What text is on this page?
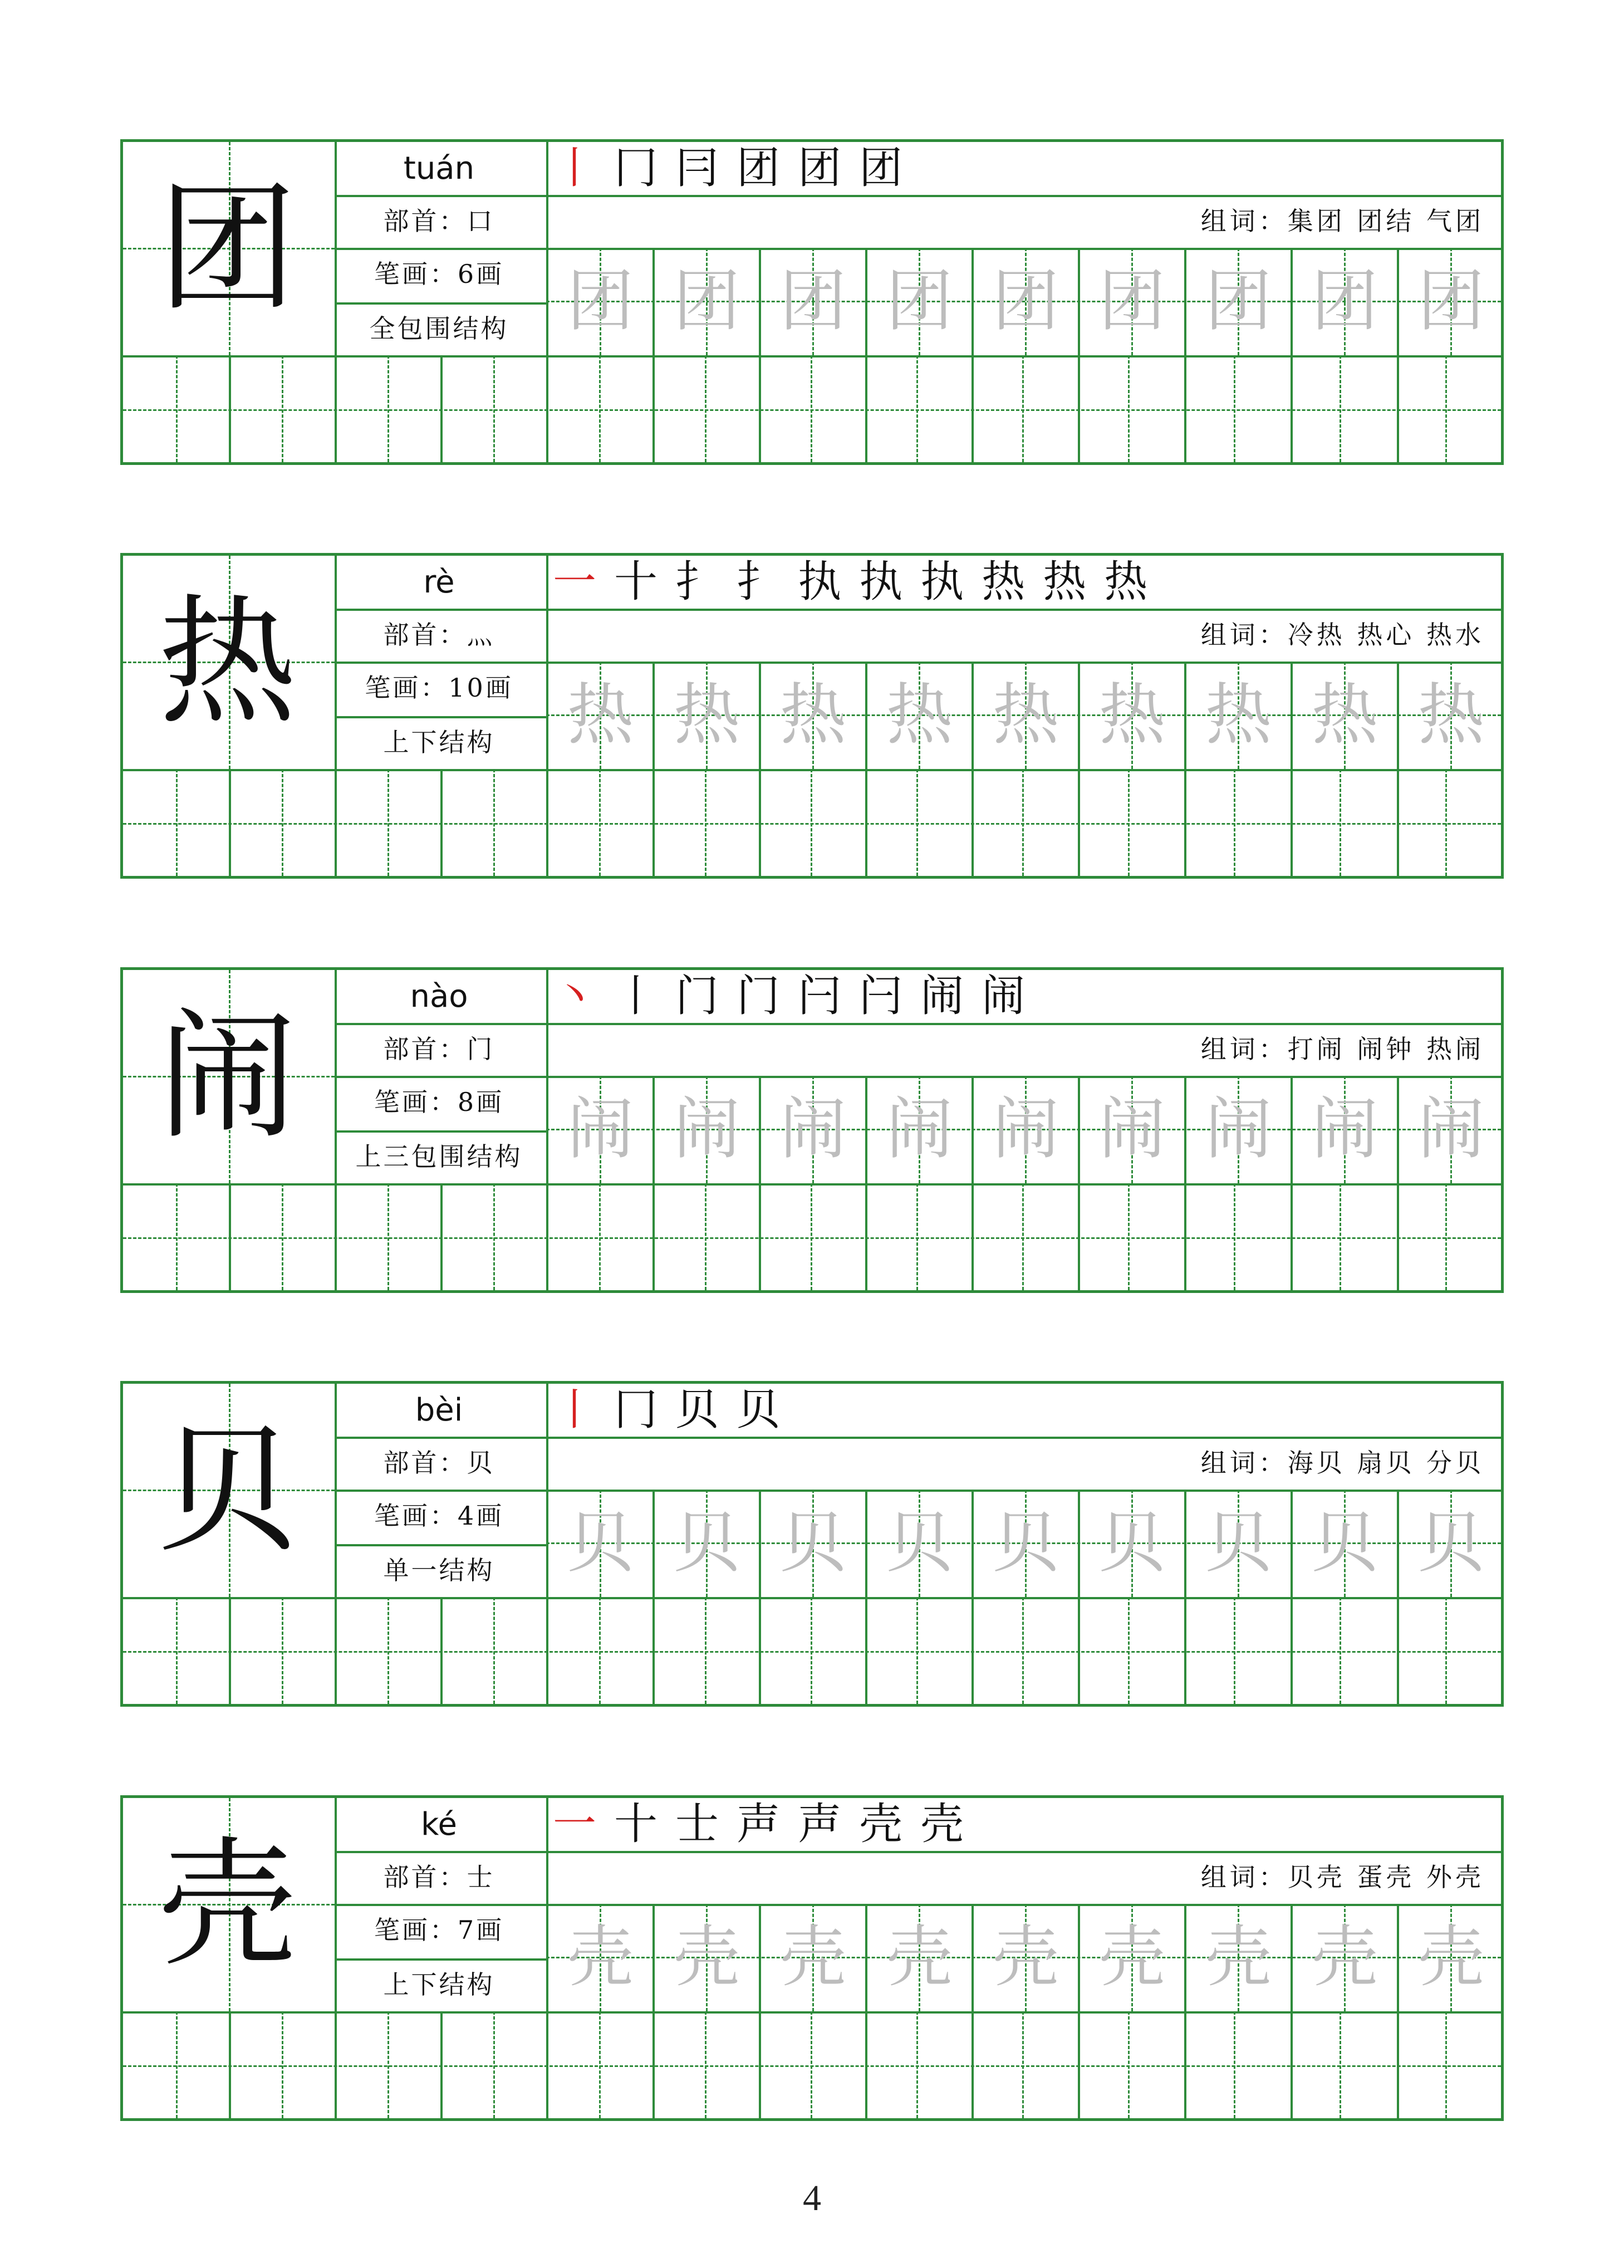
团	tuán
部首：口
笔画：6画
全包围结构
丨 冂 冃 团 团 团
组词：集团 团结 气团
团 团 团 团 团 团 团 团 团
热	rè
部首：灬
笔画：10画
上下结构
一 十 扌 扌 执 执 执 热 热 热
组词：冷热 热心 热水
热 热 热 热 热 热 热 热 热
闹	nào
部首：门
笔画：8画
上三包围结构
丶 丨 门 门 闩 闩 闹 闹
组词：打闹 闹钟 热闹
闹 闹 闹 闹 闹 闹 闹 闹 闹
贝	bèi
部首：贝
笔画：4画
单一结构
丨 冂 贝 贝
组词：海贝 扇贝 分贝
贝 贝 贝 贝 贝 贝 贝 贝 贝
壳	ké
部首：士
笔画：7画
上下结构
一 十 士 声 声 壳 壳
组词：贝壳 蛋壳 外壳
壳 壳 壳 壳 壳 壳 壳 壳 壳
4
